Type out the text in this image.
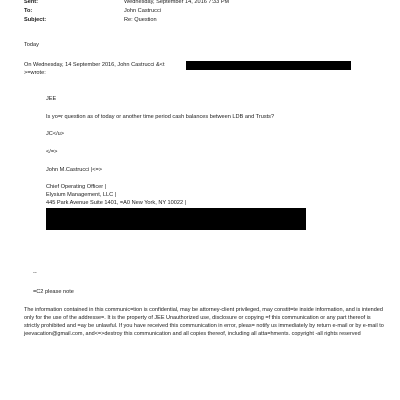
Sent:	Wednesday, September 14, 2016 7:33 PM
To:	John Castrucci
Subject:	Re: Question
Today
On Wednesday, 14 September 2016, John Castrucci &<t
>=wrote:
JEE
Is yo=r question as of today or another time period cash balances between LDB and Trusts?
JC</u>
</=>
John M.Castrucci |<=>
Chief Operating Officer |
Elysium Management, LLC |
445 Park Avenue Suite 1401, =A0 New York, NY 10022 |
--
=C2 please note
The information contained in this communic=tion is confidential, may be attorney-client privileged, may constit=te inside information, and is intended only for the use of the addresse=. It is the property of JEE Unauthorized use, disclosure or copying =f this communication or any part thereof is strictly prohibited and =ay be unlawful. If you have received this communication in error, pleas= notify us immediately by return e-mail or by e-mail to jeevacation@gmail.com, and<=>destroy this communication and all copies thereof, including all atta=hments. copyright -all rights reserved
